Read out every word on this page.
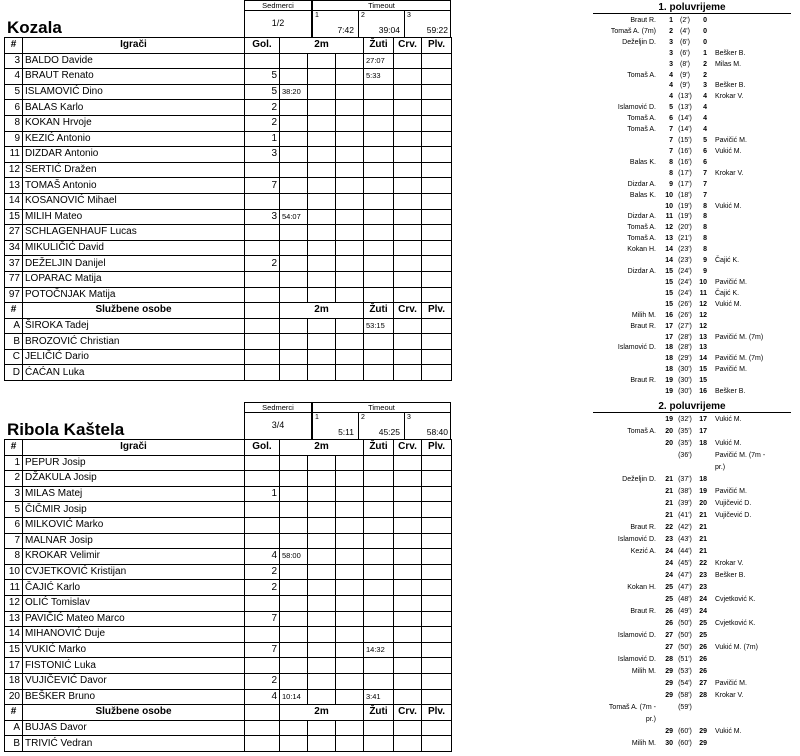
Kozala
Sedmerci
1/2
Timeout
1
7:42
2
39:04
3
59:22
#	Igrači	Gol.	2m			Žuti	Crv.	Plv.
3	BALDO Davide					27:07		
4	BRAUT Renato	5				5:33		
5	ISLAMOVIĆ Dino	5	38:20					
6	BALAS Karlo	2						
8	KOKAN Hrvoje	2						
9	KEZIĆ Antonio	1						
11	DIZDAR Antonio	3						
12	SERTIĆ Dražen							
13	TOMAŠ Antonio	7						
14	KOSANOVIĆ Mihael							
15	MILIH Mateo	3	54:07					
27	SCHLAGENHAUF Lucas							
34	MIKULIČIĆ David							
37	DEŽELJIN Danijel	2						
77	LOPARAC Matija							
97	POTOČNJAK Matija							
#	Službene osobe		2m			Žuti	Crv.	Plv.
A	ŠIROKA Tadej					53:15		
B	BROZOVIĆ Christian							
C	JELIČIĆ Dario							
D	ĆAĆAN Luka							
Ribola Kaštela
Sedmerci
3/4
Timeout
1
5:11
2
45:25
3
58:40
#	Igrači	Gol.	2m			Žuti	Crv.	Plv.
1	PEPUR Josip							
2	DŽAKULA Josip							
3	MILAS Matej	1						
5	ČIČMIR Josip							
6	MILKOVIĆ Marko							
7	MALNAR Josip							
8	KROKAR Velimir	4	58:00					
10	CVJETKOVIĆ Kristijan	2						
11	ČAJIĆ Karlo	2						
12	OLIĆ Tomislav							
13	PAVIČIĆ Mateo Marco	7						
14	MIHANOVIĆ Duje							
15	VUKIĆ Marko	7				14:32		
17	FISTONIĆ Luka							
18	VUJIČEVIĆ Davor	2						
20	BEŠKER Bruno	4	10:14			3:41		
#	Službene osobe		2m			Žuti	Crv.	Plv.
A	BUJAS Davor							
B	TRIVIĆ Vedran							
1. poluvrijeme
Braut R.	1	(2')	0
Tomaš A. (7m)	2	(4')	0
Deželjin D.	3	(6')	0
3	(6')	1 Bešker B.
3	(8')	2 Milas M.
Tomaš A.	4	(9')	2
4	(9')	3 Bešker B.
4 (13')	4 Krokar V.
Islamović D.	5 (13')	4
Tomaš A.	6 (14')	4
Tomaš A.	7 (14')	4
7 (15')	5 Pavičić M.
7 (16')	6 Vukić M.
Balas K.	8 (16')	6
8 (17')	7 Krokar V.
Dizdar A.	9 (17')	7
Balas K.	10 (18')	7
10 (19')	8 Vukić M.
Dizdar A.	11 (19')	8
Tomaš A.	12 (20')	8
Tomaš A.	13 (21')	8
Kokan H.	14 (23')	8
14 (23')	9 Čajić K.
Dizdar A.	15 (24')	9
15 (24')	10 Pavičić M.
15 (24')	11 Čajić K.
15 (26')	12 Vukić M.
Milih M.	16 (26')	12
Braut R.	17 (27')	12
17 (28')	13 Pavičić M. (7m)
Islamović D.	18 (28')	13
18 (29')	14 Pavičić M. (7m)
18 (30')	15 Pavičić M.
Braut R.	19 (30')	15
19 (30')	16 Bešker B.
2. poluvrijeme
19 (32')	17 Vukić M.
Tomaš A.	20 (35')	17
20 (35')	18 Vukić M.
(36')	Pavičić M. (7m -
pr.)
Deželjin D.	21 (37')	18
21 (38')	19 Pavičić M.
21 (39')	20 Vujičević D.
21 (41')	21 Vujičević D.
Braut R.	22 (42')	21
Islamović D.	23 (43')	21
Kezić A.	24 (44')	21
24 (45')	22 Krokar V.
24 (47')	23 Bešker B.
Kokan H.	25 (47')	23
25 (48')	24 Cvjetković K.
Braut R.	26 (49')	24
26 (50')	25 Cvjetković K.
Islamović D.	27 (50')	25
27 (50')	26 Vukić M. (7m)
Islamović D.	28 (51')	26
Milih M.	29 (53')	26
29 (54')	27 Pavičić M.
29 (58')	28 Krokar V.
Tomaš A. (7m -	(59')
pr.)
29 (60')	29 Vukić M.
Milih M.	30 (60')	29
